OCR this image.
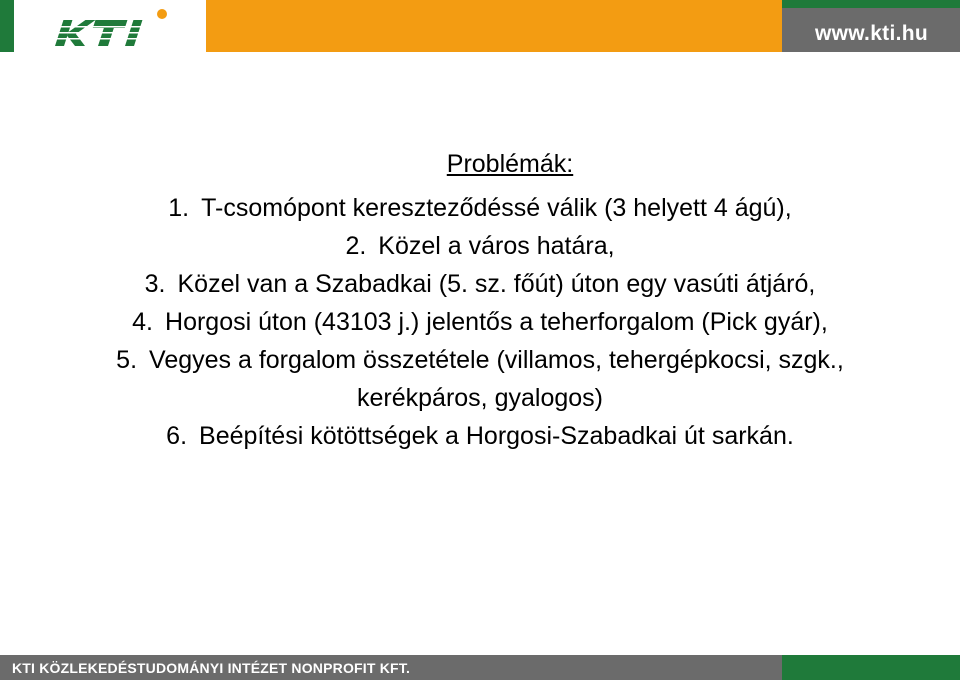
www.kti.hu
Problémák:
1. T-csomópont kereszteződéssé válik (3 helyett 4 ágú),
2. Közel a város határa,
3. Közel van a Szabadkai (5. sz. főút) úton egy vasúti átjáró,
4. Horgosi úton (43103 j.) jelentős a teherforgalom (Pick gyár),
5. Vegyes a forgalom összetétele (villamos, tehergépkocsi, szgk.,
kerékpáros, gyalogos)
6. Beépítési kötöttségek a Horgosi-Szabadkai út sarkán.
KTI KÖZLEKEDÉSTUDOMÁNYI INTÉZET NONPROFIT KFT.
